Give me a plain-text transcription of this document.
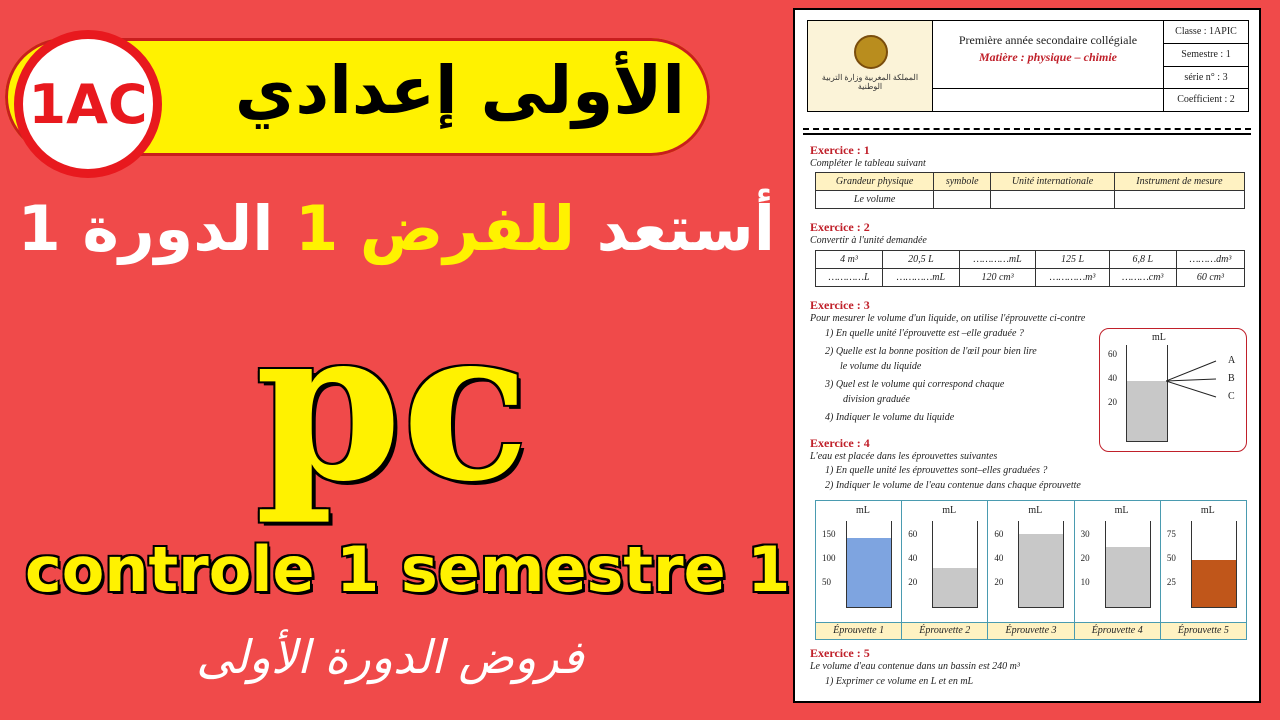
الأولى إعدادي
1AC
أستعد للفرض 1 الدورة 1
pc
controle 1 semestre 1
فروض الدورة الأولى
المملكة المغربية وزارة التربية الوطنية
Première année secondaire collégiale
Matière : physique – chimie
Classe : 1APIC
Semestre : 1
série n° : 3
Coefficient : 2
Exercice : 1
Compléter le tableau suivant
Grandeur physique	symbole	Unité internationale	Instrument de mesure
Le volume			
Exercice : 2
Convertir à l'unité demandée
4 m³	20,5 L	…………mL	125 L	6,8 L	………dm³
…………L	…………mL	120 cm³	…………m³	………cm³	60 cm³
Exercice : 3
Pour mesurer le volume d'un liquide, on utilise l'éprouvette ci-contre
1) En quelle unité l'éprouvette est –elle graduée ?
2) Quelle est la bonne position de l'œil pour bien lire
le volume du liquide
3) Quel est le volume qui correspond chaque
division graduée
4) Indiquer le volume du liquide
mL
60
40
20
A
B
C
Exercice : 4
L'eau est placée dans les éprouvettes suivantes
1) En quelle unité les éprouvettes sont–elles graduées ?
2) Indiquer le volume de l'eau contenue dans chaque éprouvette
mL
150
100
50
mL
60
40
20
mL
60
40
20
mL
30
20
10
mL
75
50
25
Éprouvette 1	Éprouvette 2	Éprouvette 3	Éprouvette 4	Éprouvette 5
Exercice : 5
Le volume d'eau contenue dans un bassin est 240 m³
1) Exprimer ce volume en L et en mL
